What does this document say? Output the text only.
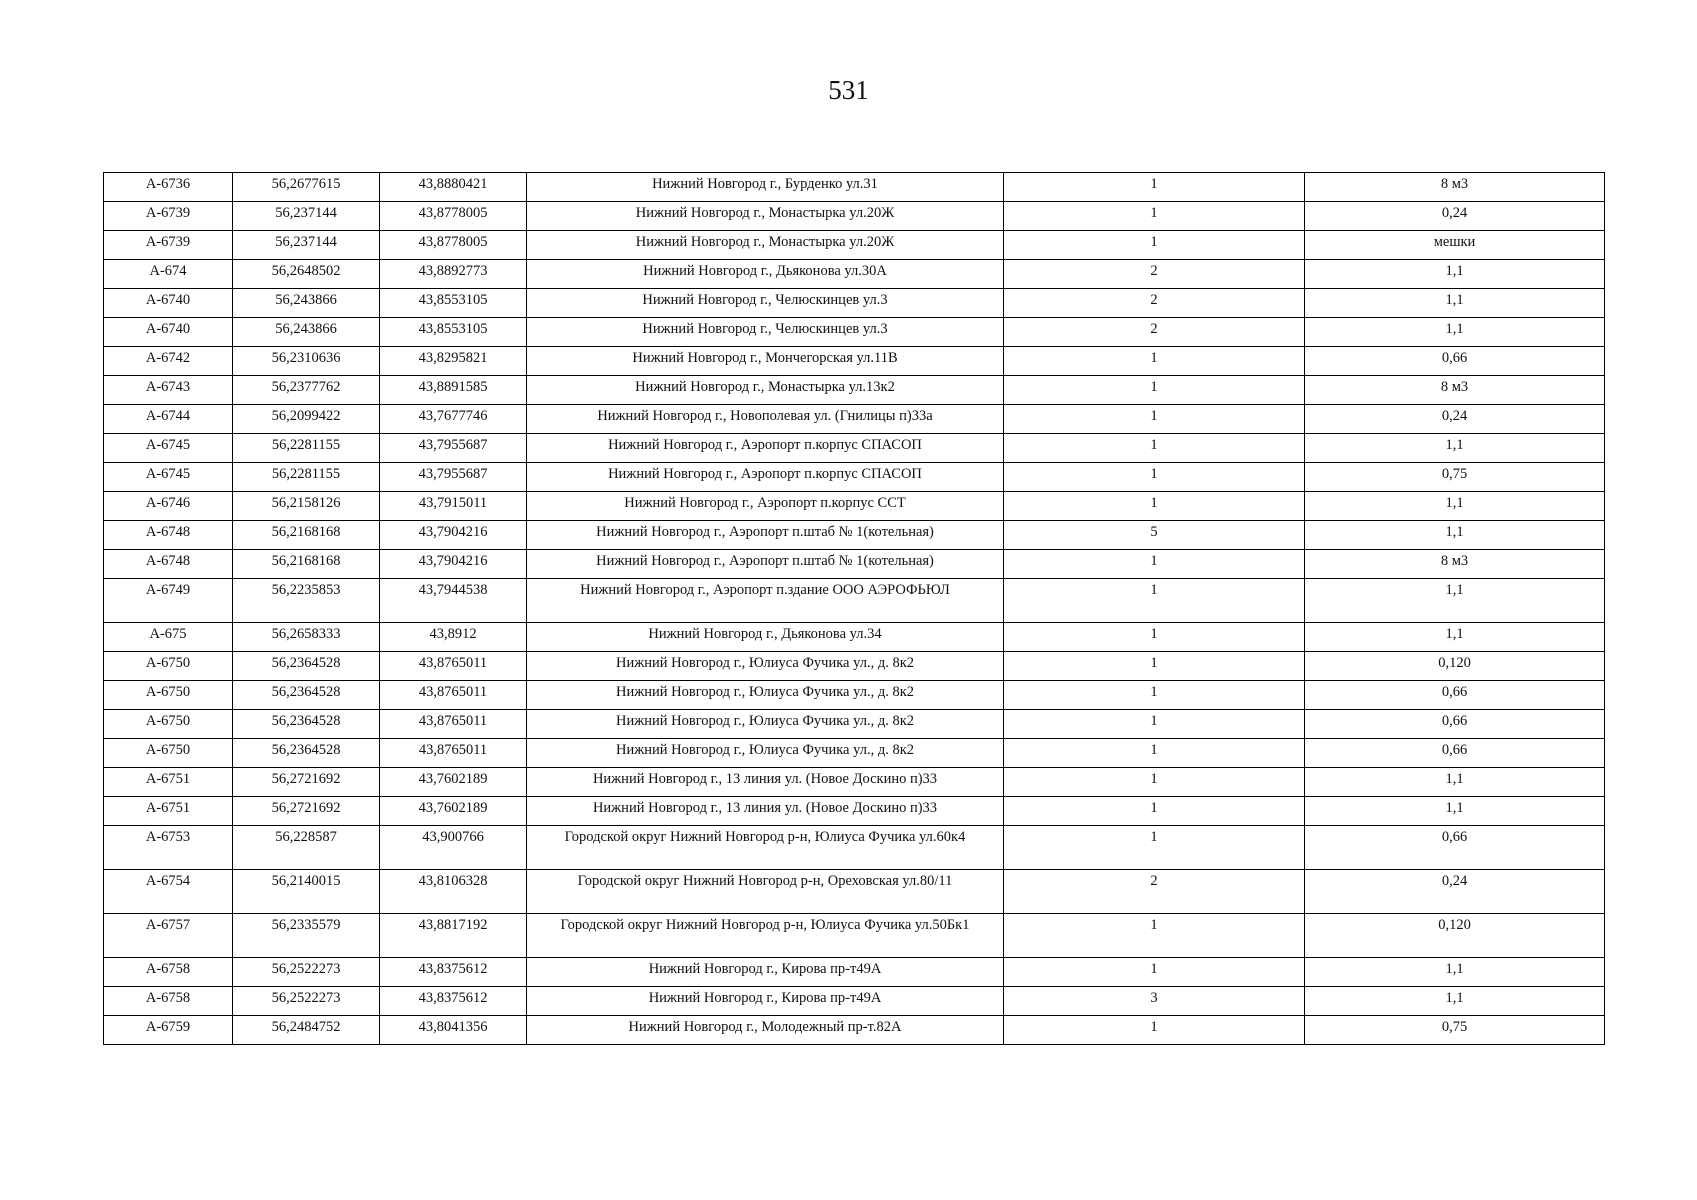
531
А-6736	56,2677615	43,8880421	Нижний Новгород г., Бурденко ул.31	1	8 м3
А-6739	56,237144	43,8778005	Нижний Новгород г., Монастырка ул.20Ж	1	0,24
А-6739	56,237144	43,8778005	Нижний Новгород г., Монастырка ул.20Ж	1	мешки
А-674	56,2648502	43,8892773	Нижний Новгород г., Дьяконова ул.30А	2	1,1
А-6740	56,243866	43,8553105	Нижний Новгород г., Челюскинцев ул.3	2	1,1
А-6740	56,243866	43,8553105	Нижний Новгород г., Челюскинцев ул.3	2	1,1
А-6742	56,2310636	43,8295821	Нижний Новгород г., Мончегорская ул.11В	1	0,66
А-6743	56,2377762	43,8891585	Нижний Новгород г., Монастырка ул.13к2	1	8 м3
А-6744	56,2099422	43,7677746	Нижний Новгород г., Новополевая ул. (Гнилицы п)33а	1	0,24
А-6745	56,2281155	43,7955687	Нижний Новгород г., Аэропорт п.корпус СПАСОП	1	1,1
А-6745	56,2281155	43,7955687	Нижний Новгород г., Аэропорт п.корпус СПАСОП	1	0,75
А-6746	56,2158126	43,7915011	Нижний Новгород г., Аэропорт п.корпус ССТ	1	1,1
А-6748	56,2168168	43,7904216	Нижний Новгород г., Аэропорт п.штаб № 1(котельная)	5	1,1
А-6748	56,2168168	43,7904216	Нижний Новгород г., Аэропорт п.штаб № 1(котельная)	1	8 м3
А-6749	56,2235853	43,7944538	Нижний Новгород г., Аэропорт п.здание ООО АЭРОФЬЮЛ	1	1,1
А-675	56,2658333	43,8912	Нижний Новгород г., Дьяконова ул.34	1	1,1
А-6750	56,2364528	43,8765011	Нижний Новгород г., Юлиуса Фучика ул., д. 8к2	1	0,120
А-6750	56,2364528	43,8765011	Нижний Новгород г., Юлиуса Фучика ул., д. 8к2	1	0,66
А-6750	56,2364528	43,8765011	Нижний Новгород г., Юлиуса Фучика ул., д. 8к2	1	0,66
А-6750	56,2364528	43,8765011	Нижний Новгород г., Юлиуса Фучика ул., д. 8к2	1	0,66
А-6751	56,2721692	43,7602189	Нижний Новгород г., 13 линия ул. (Новое Доскино п)33	1	1,1
А-6751	56,2721692	43,7602189	Нижний Новгород г., 13 линия ул. (Новое Доскино п)33	1	1,1
А-6753	56,228587	43,900766	Городской округ Нижний Новгород р-н, Юлиуса Фучика ул.60к4	1	0,66
А-6754	56,2140015	43,8106328	Городской округ Нижний Новгород р-н, Ореховская ул.80/11	2	0,24
А-6757	56,2335579	43,8817192	Городской округ Нижний Новгород р-н, Юлиуса Фучика ул.50Бк1	1	0,120
А-6758	56,2522273	43,8375612	Нижний Новгород г., Кирова пр-т49А	1	1,1
А-6758	56,2522273	43,8375612	Нижний Новгород г., Кирова пр-т49А	3	1,1
А-6759	56,2484752	43,8041356	Нижний Новгород г., Молодежный пр-т.82А	1	0,75
